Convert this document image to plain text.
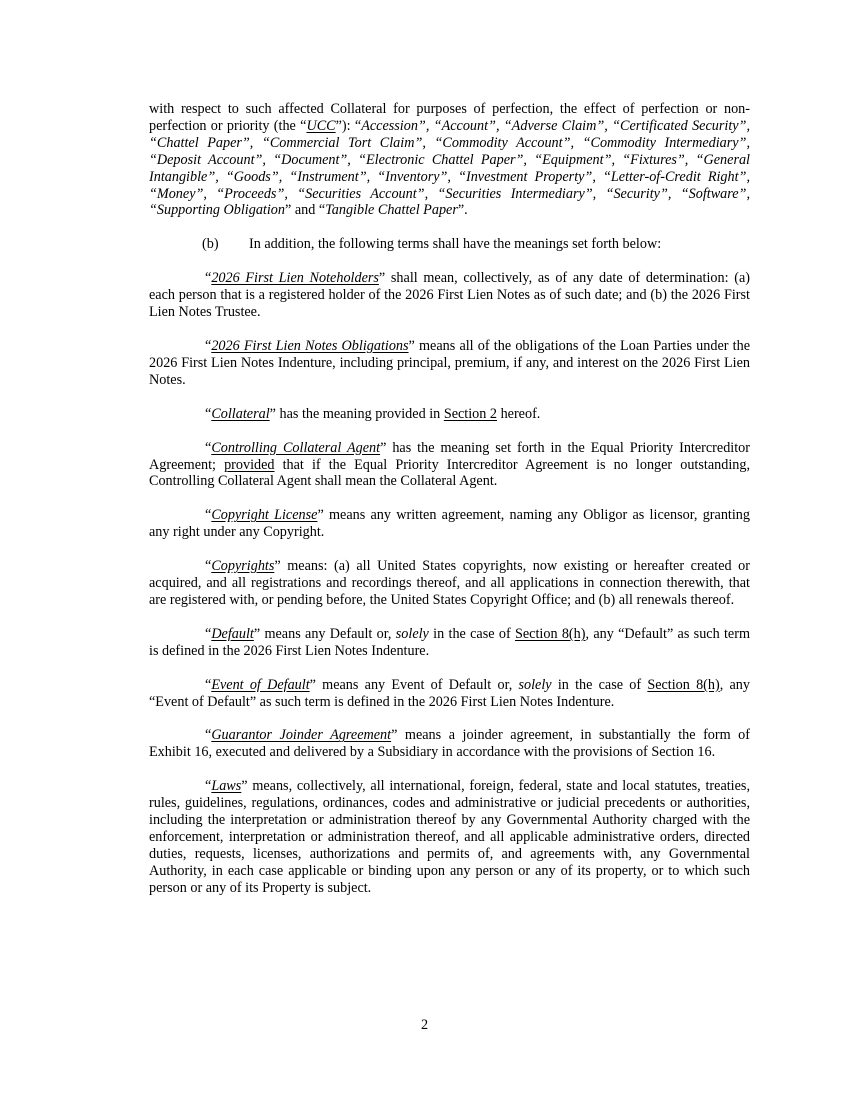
with respect to such affected Collateral for purposes of perfection, the effect of perfection or non-perfection or priority (the “UCC”): “Accession”, “Account”, “Adverse Claim”, “Certificated Security”, “Chattel Paper”, “Commercial Tort Claim”, “Commodity Account”, “Commodity Intermediary”, “Deposit Account”, “Document”, “Electronic Chattel Paper”, “Equipment”, “Fixtures”, “General Intangible”, “Goods”, “Instrument”, “Inventory”, “Investment Property”, “Letter-of-Credit Right”, “Money”, “Proceeds”, “Securities Account”, “Securities Intermediary”, “Security”, “Software”, “Supporting Obligation” and “Tangible Chattel Paper”.

(b) In addition, the following terms shall have the meanings set forth below:

“2026 First Lien Noteholders” shall mean, collectively, as of any date of determination: (a) each person that is a registered holder of the 2026 First Lien Notes as of such date; and (b) the 2026 First Lien Notes Trustee.

“2026 First Lien Notes Obligations” means all of the obligations of the Loan Parties under the 2026 First Lien Notes Indenture, including principal, premium, if any, and interest on the 2026 First Lien Notes.

“Collateral” has the meaning provided in Section 2 hereof.

“Controlling Collateral Agent” has the meaning set forth in the Equal Priority Intercreditor Agreement; provided that if the Equal Priority Intercreditor Agreement is no longer outstanding, Controlling Collateral Agent shall mean the Collateral Agent.

“Copyright License” means any written agreement, naming any Obligor as licensor, granting any right under any Copyright.

“Copyrights” means: (a) all United States copyrights, now existing or hereafter created or acquired, and all registrations and recordings thereof, and all applications in connection therewith, that are registered with, or pending before, the United States Copyright Office; and (b) all renewals thereof.

“Default” means any Default or, solely in the case of Section 8(h), any “Default” as such term is defined in the 2026 First Lien Notes Indenture.

“Event of Default” means any Event of Default or, solely in the case of Section 8(h), any “Event of Default” as such term is defined in the 2026 First Lien Notes Indenture.

“Guarantor Joinder Agreement” means a joinder agreement, in substantially the form of Exhibit 16, executed and delivered by a Subsidiary in accordance with the provisions of Section 16.

“Laws” means, collectively, all international, foreign, federal, state and local statutes, treaties, rules, guidelines, regulations, ordinances, codes and administrative or judicial precedents or authorities, including the interpretation or administration thereof by any Governmental Authority charged with the enforcement, interpretation or administration thereof, and all applicable administrative orders, directed duties, requests, licenses, authorizations and permits of, and agreements with, any Governmental Authority, in each case applicable or binding upon any person or any of its property, or to which such person or any of its Property is subject.

2
